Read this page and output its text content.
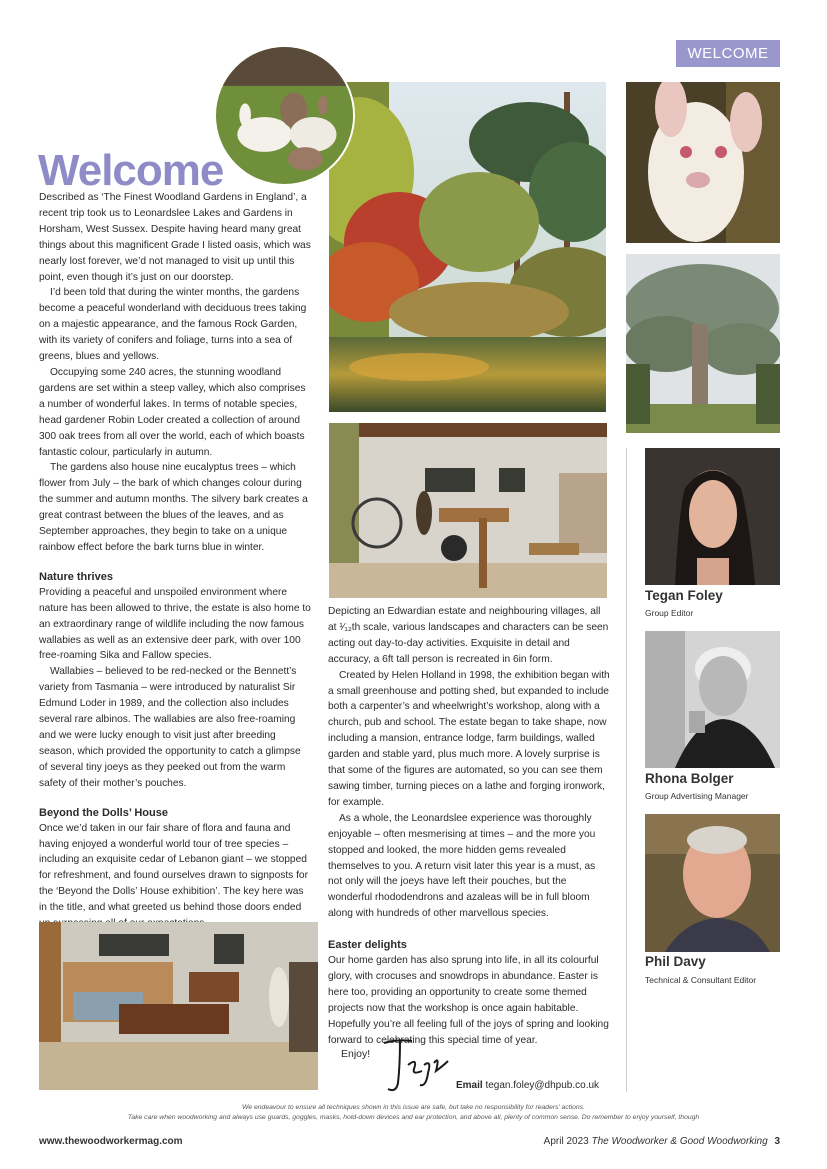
WELCOME
Welcome

Described as ‘The Finest Woodland Gardens in England’, a recent trip took us to Leonardslee Lakes and Gardens in Horsham, West Sussex. Despite having heard many great things about this magnificent Grade I listed oasis, which was nearly lost forever, we’d not managed to visit up until this point, even though it’s just on our doorstep.

I’d been told that during the winter months, the gardens become a peaceful wonderland with deciduous trees taking on a majestic appearance, and the famous Rock Garden, with its variety of conifers and foliage, turns into a sea of greens, blues and yellows.

Occupying some 240 acres, the stunning woodland gardens are set within a steep valley, which also comprises a number of wonderful lakes. In terms of notable species, head gardener Robin Loder created a collection of around 300 oak trees from all over the world, each of which boasts fantastic colour, particularly in autumn.

The gardens also house nine eucalyptus trees – which flower from July – the bark of which changes colour during the summer and autumn months. The silvery bark creates a great contrast between the blues of the leaves, and as September approaches, they begin to take on a unique rainbow effect before the bark turns blue in winter.

Nature thrives

Providing a peaceful and unspoiled environment where nature has been allowed to thrive, the estate is also home to an extraordinary range of wildlife including the now famous wallabies as well as an extensive deer park, with over 100 free-roaming Sika and Fallow species.

Wallabies – believed to be red-necked or the Bennett’s variety from Tasmania – were introduced by naturalist Sir Edmund Loder in 1989, and the collection also includes several rare albinos. The wallabies are also free-roaming and we were lucky enough to visit just after breeding season, which provided the opportunity to catch a glimpse of several tiny joeys as they peeked out from the warm safety of their mother’s pouches.

Beyond the Dolls’ House

Once we’d taken in our fair share of flora and fauna and having enjoyed a wonderful world tour of tree species – including an exquisite cedar of Lebanon giant – we stopped for refreshment, and found ourselves drawn to signposts for the ‘Beyond the Dolls’ House exhibition’. The key here was in the title, and what greeted us behind those doors ended

Depicting an Edwardian estate and neighbouring villages, all at ¹⁄₁₂th scale, various landscapes and characters can be seen acting out day-to-day activities. Exquisite in detail and accuracy, a 6ft tall person is recreated in 6in form.

Created by Helen Holland in 1998, the exhibition began with a small greenhouse and potting shed, but expanded to include both a carpenter’s and wheelwright’s workshop, along with a church, pub and school. The estate began to take shape, now including a mansion, entrance lodge, farm buildings, walled garden and stable yard, plus much more. A lovely surprise is that some of the figures are automated, so you can see them sawing timber, turning pieces on a lathe and forging ironwork, for example.

As a whole, the Leonardslee experience was thoroughly enjoyable – often mesmerising at times – and the more you stopped and looked, the more hidden gems revealed themselves to you. A return visit later this year is a must, as not only will the joeys have left their pouches, but the wonderful rhododendrons and azaleas will be in full bloom along with hundreds of other marvellous species.

Easter delights

Our home garden has also sprung into life, in all its colourful glory, with crocuses and snowdrops in abundance. Easter is here too, providing an opportunity to create some themed projects now that the workshop is once again habitable. Hopefully you’re all feeling full of the joys of spring and looking forward to celebrating this special time of year.

Tegan Foley
Group Editor
Rhona Bolger
Group Advertising Manager
Phil Davy
Technical & Consultant Editor
Enjoy!
Email tegan.foley@dhpub.co.uk
We endeavour to ensure all techniques shown in this issue are safe, but take no responsibility for readers’ actions.
Take care when woodworking and always use guards, goggles, masks, hold-down devices and ear protection, and above all, plenty of common sense. Do remember to enjoy yourself, though
www.thewoodworkermag.com	April 2023 The Woodworker & Good Woodworking 3
